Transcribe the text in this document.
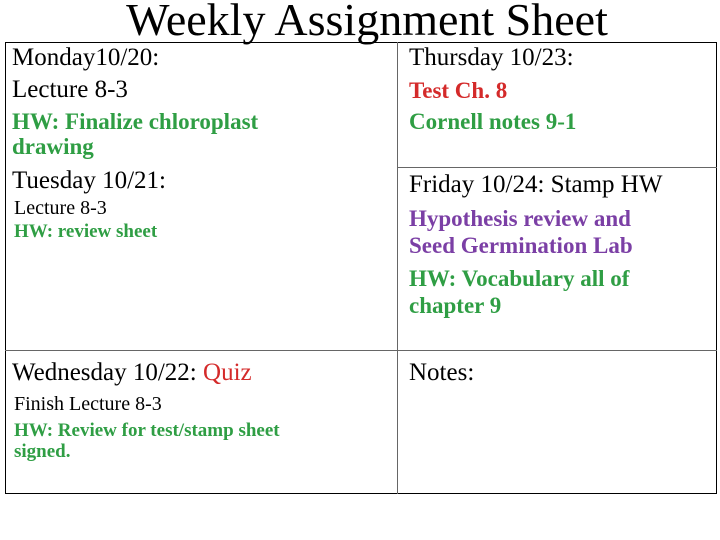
Weekly Assignment Sheet
Monday10/20:
Lecture 8-3
HW: Finalize chloroplast
drawing
Tuesday 10/21:
Lecture 8-3
HW: review sheet
Wednesday 10/22: Quiz
Finish Lecture 8-3
HW: Review for test/stamp sheet
signed.
Thursday 10/23:
Test Ch. 8
Cornell notes 9-1
Friday 10/24: Stamp HW
Hypothesis review and
Seed Germination Lab
HW: Vocabulary all of
chapter 9
Notes:
